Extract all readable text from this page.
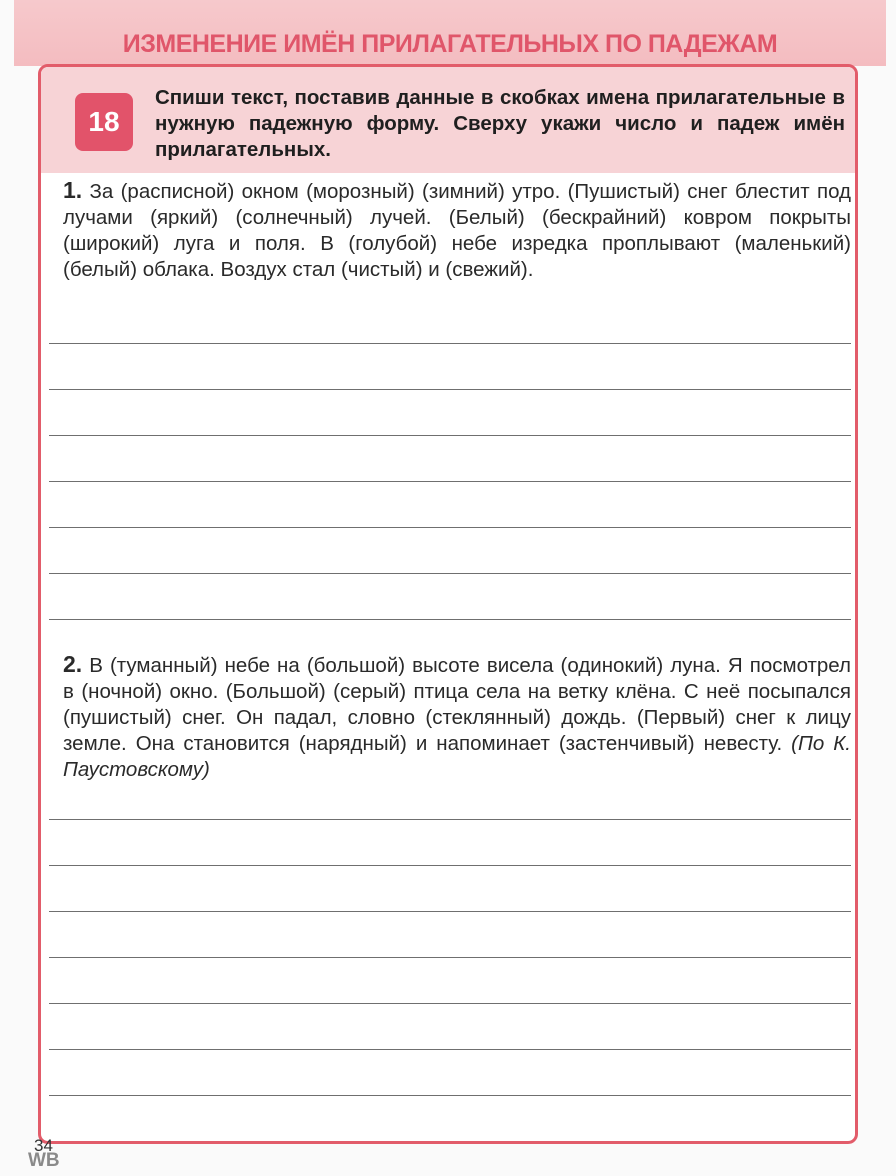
ИЗМЕНЕНИЕ ИМЁН ПРИЛАГАТЕЛЬНЫХ ПО ПАДЕЖАМ
18
Спиши текст, поставив данные в скобках имена прилагательные в нужную падежную форму. Сверху укажи число и падеж имён прилагательных.
1. За (расписной) окном (морозный) (зимний) утро. (Пушистый) снег блестит под лучами (яркий) (солнечный) лучей. (Белый) (бескрайний) ковром покрыты (широкий) луга и поля. В (голубой) небе изредка проплывают (маленький) (белый) облака. Воздух стал (чистый) и (свежий).
2. В (туманный) небе на (большой) высоте висела (одинокий) луна. Я посмотрел в (ночной) окно. (Большой) (серый) птица села на ветку клёна. С неё посыпался (пушистый) снег. Он падал, словно (стеклянный) дождь. (Первый) снег к лицу земле. Она становится (нарядный) и напоминает (застенчивый) невесту. (По К. Паустовскому)
34
WB
